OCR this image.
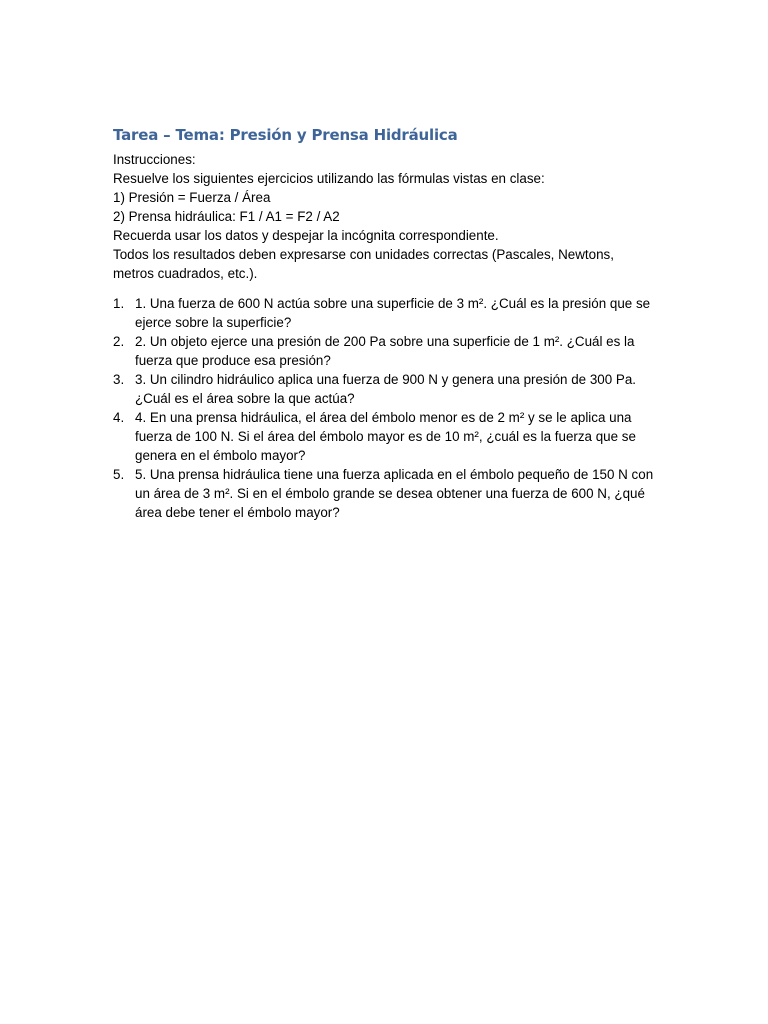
Tarea – Tema: Presión y Prensa Hidráulica

Instrucciones:

Resuelve los siguientes ejercicios utilizando las fórmulas vistas en clase:

1) Presión = Fuerza / Área

2) Prensa hidráulica: F1 / A1 = F2 / A2

Recuerda usar los datos y despejar la incógnita correspondiente.

Todos los resultados deben expresarse con unidades correctas (Pascales, Newtons, metros cuadrados, etc.).

1. 1. Una fuerza de 600 N actúa sobre una superficie de 3 m². ¿Cuál es la presión que se ejerce sobre la superficie?
2. 2. Un objeto ejerce una presión de 200 Pa sobre una superficie de 1 m². ¿Cuál es la fuerza que produce esa presión?
3. 3. Un cilindro hidráulico aplica una fuerza de 900 N y genera una presión de 300 Pa. ¿Cuál es el área sobre la que actúa?
4. 4. En una prensa hidráulica, el área del émbolo menor es de 2 m² y se le aplica una fuerza de 100 N. Si el área del émbolo mayor es de 10 m², ¿cuál es la fuerza que se genera en el émbolo mayor?
5. 5. Una prensa hidráulica tiene una fuerza aplicada en el émbolo pequeño de 150 N con un área de 3 m². Si en el émbolo grande se desea obtener una fuerza de 600 N, ¿qué área debe tener el émbolo mayor?
